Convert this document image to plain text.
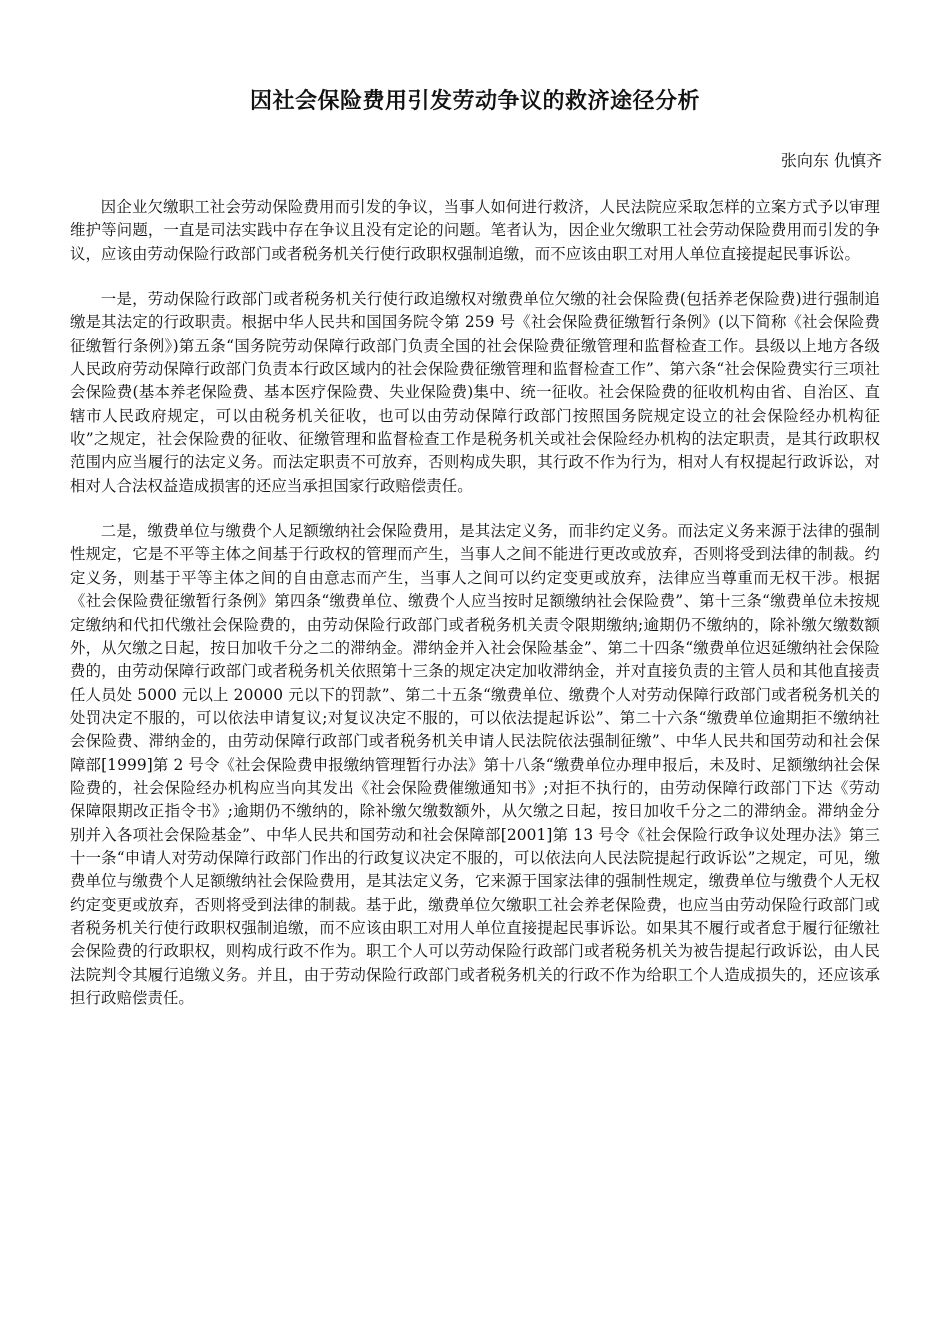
因社会保险费用引发劳动争议的救济途径分析
张向东 仇慎齐

因企业欠缴职工社会劳动保险费用而引发的争议，当事人如何进行救济，人民法院应采取怎样的立案方式予以审理维护等问题，一直是司法实践中存在争议且没有定论的问题。笔者认为，因企业欠缴职工社会劳动保险费用而引发的争议，应该由劳动保险行政部门或者税务机关行使行政职权强制追缴，而不应该由职工对用人单位直接提起民事诉讼。

一是，劳动保险行政部门或者税务机关行使行政追缴权对缴费单位欠缴的社会保险费(包括养老保险费)进行强制追缴是其法定的行政职责。根据中华人民共和国国务院令第 259 号《社会保险费征缴暂行条例》(以下简称《社会保险费征缴暂行条例》)第五条“国务院劳动保障行政部门负责全国的社会保险费征缴管理和监督检查工作。县级以上地方各级人民政府劳动保障行政部门负责本行政区域内的社会保险费征缴管理和监督检查工作”、第六条“社会保险费实行三项社会保险费(基本养老保险费、基本医疗保险费、失业保险费)集中、统一征收。社会保险费的征收机构由省、自治区、直辖市人民政府规定，可以由税务机关征收，也可以由劳动保障行政部门按照国务院规定设立的社会保险经办机构征收”之规定，社会保险费的征收、征缴管理和监督检查工作是税务机关或社会保险经办机构的法定职责，是其行政职权范围内应当履行的法定义务。而法定职责不可放弃，否则构成失职，其行政不作为行为，相对人有权提起行政诉讼，对相对人合法权益造成损害的还应当承担国家行政赔偿责任。

二是，缴费单位与缴费个人足额缴纳社会保险费用，是其法定义务，而非约定义务。而法定义务来源于法律的强制性规定，它是不平等主体之间基于行政权的管理而产生，当事人之间不能进行更改或放弃，否则将受到法律的制裁。约定义务，则基于平等主体之间的自由意志而产生，当事人之间可以约定变更或放弃，法律应当尊重而无权干涉。根据《社会保险费征缴暂行条例》第四条“缴费单位、缴费个人应当按时足额缴纳社会保险费”、第十三条“缴费单位未按规定缴纳和代扣代缴社会保险费的，由劳动保险行政部门或者税务机关责令限期缴纳;逾期仍不缴纳的，除补缴欠缴数额外，从欠缴之日起，按日加收千分之二的滞纳金。滞纳金并入社会保险基金”、第二十四条“缴费单位迟延缴纳社会保险费的，由劳动保障行政部门或者税务机关依照第十三条的规定决定加收滞纳金，并对直接负责的主管人员和其他直接责任人员处 5000 元以上 20000 元以下的罚款”、第二十五条“缴费单位、缴费个人对劳动保障行政部门或者税务机关的处罚决定不服的，可以依法申请复议;对复议决定不服的，可以依法提起诉讼”、第二十六条“缴费单位逾期拒不缴纳社会保险费、滞纳金的，由劳动保障行政部门或者税务机关申请人民法院依法强制征缴”、中华人民共和国劳动和社会保障部[1999]第 2 号令《社会保险费申报缴纳管理暂行办法》第十八条“缴费单位办理申报后，未及时、足额缴纳社会保险费的，社会保险经办机构应当向其发出《社会保险费催缴通知书》;对拒不执行的，由劳动保障行政部门下达《劳动保障限期改正指令书》;逾期仍不缴纳的，除补缴欠缴数额外，从欠缴之日起，按日加收千分之二的滞纳金。滞纳金分别并入各项社会保险基金”、中华人民共和国劳动和社会保障部[2001]第 13 号令《社会保险行政争议处理办法》第三十一条“申请人对劳动保障行政部门作出的行政复议决定不服的，可以依法向人民法院提起行政诉讼”之规定，可见，缴费单位与缴费个人足额缴纳社会保险费用，是其法定义务，它来源于国家法律的强制性规定，缴费单位与缴费个人无权约定变更或放弃，否则将受到法律的制裁。基于此，缴费单位欠缴职工社会养老保险费，也应当由劳动保险行政部门或者税务机关行使行政职权强制追缴，而不应该由职工对用人单位直接提起民事诉讼。如果其不履行或者怠于履行征缴社会保险费的行政职权，则构成行政不作为。职工个人可以劳动保险行政部门或者税务机关为被告提起行政诉讼，由人民法院判令其履行追缴义务。并且，由于劳动保险行政部门或者税务机关的行政不作为给职工个人造成损失的，还应该承担行政赔偿责任。
